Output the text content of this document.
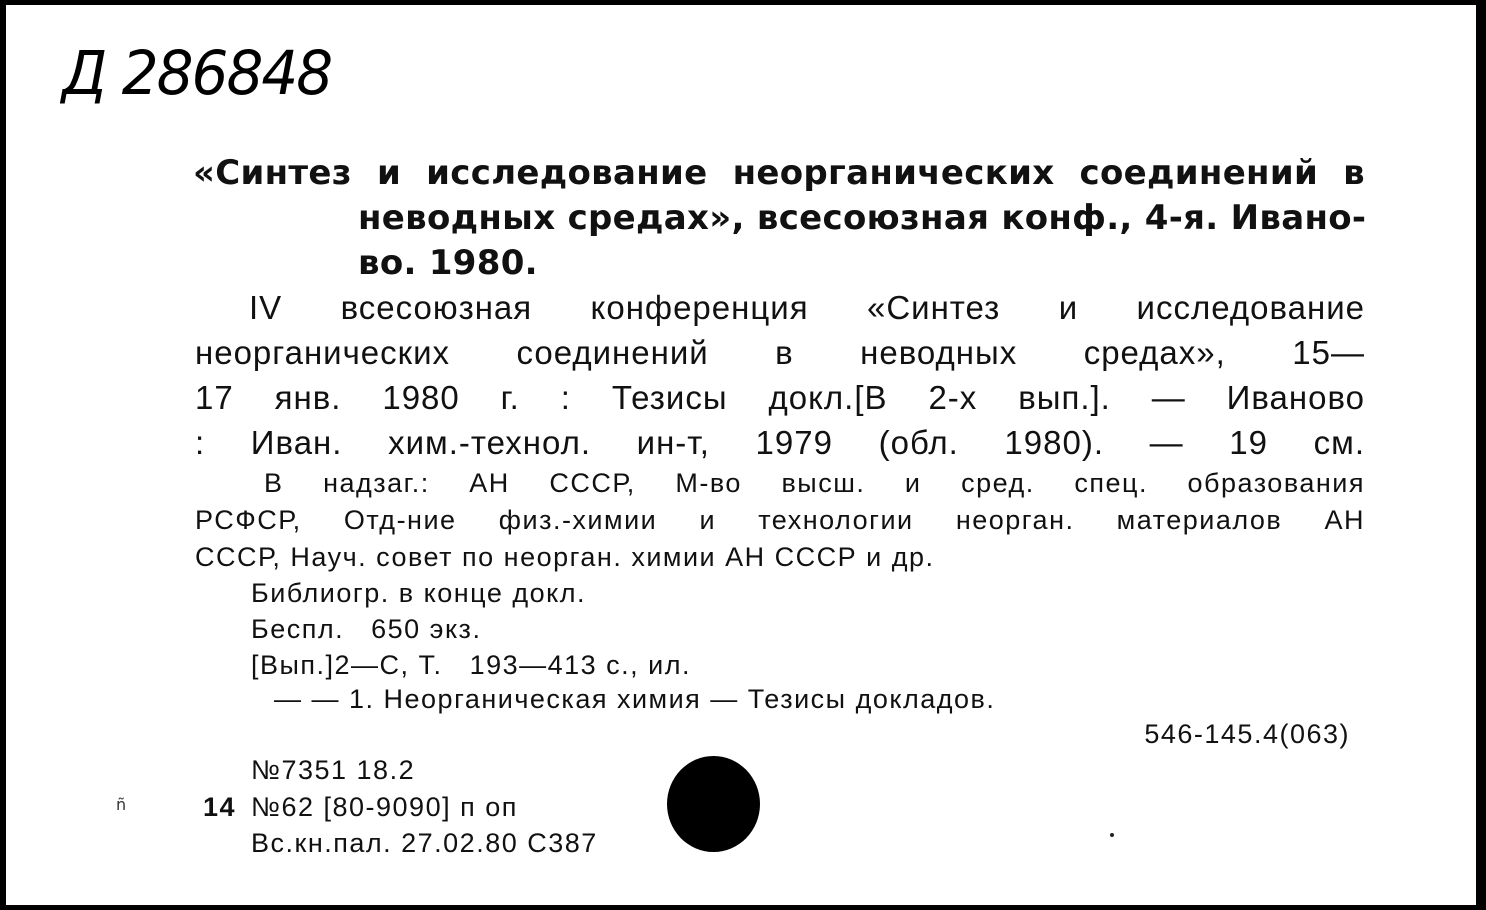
Д 286848
«Синтез и исследование неорганических соединений в
неводных средах», всесоюзная конф., 4-я. Ивано-
во. 1980.
IV всесоюзная конференция «Синтез и исследование
неорганических соединений в неводных средах», 15—
17 янв. 1980 г. : Тезисы докл.[В 2-х вып.]. — Иваново
: Иван. хим.-технол. ин-т, 1979 (обл. 1980). — 19 см.
В надзаг.: АН СССР, М-во высш. и сред. спец. образования
РСФСР, Отд-ние физ.-химии и технологии неорган. материалов АН
СССР, Науч. совет по неорган. химии АН СССР и др.
Библиогр. в конце докл.
Беспл.   650 экз.
[Вып.]2—С, Т.   193—413 с., ил.
— — 1. Неорганическая химия — Тезисы докладов.
546-145.4(063)
№7351 18.2
14 №62 [80-9090] п оп
Вс.кн.пал. 27.02.80 С387
ñ
